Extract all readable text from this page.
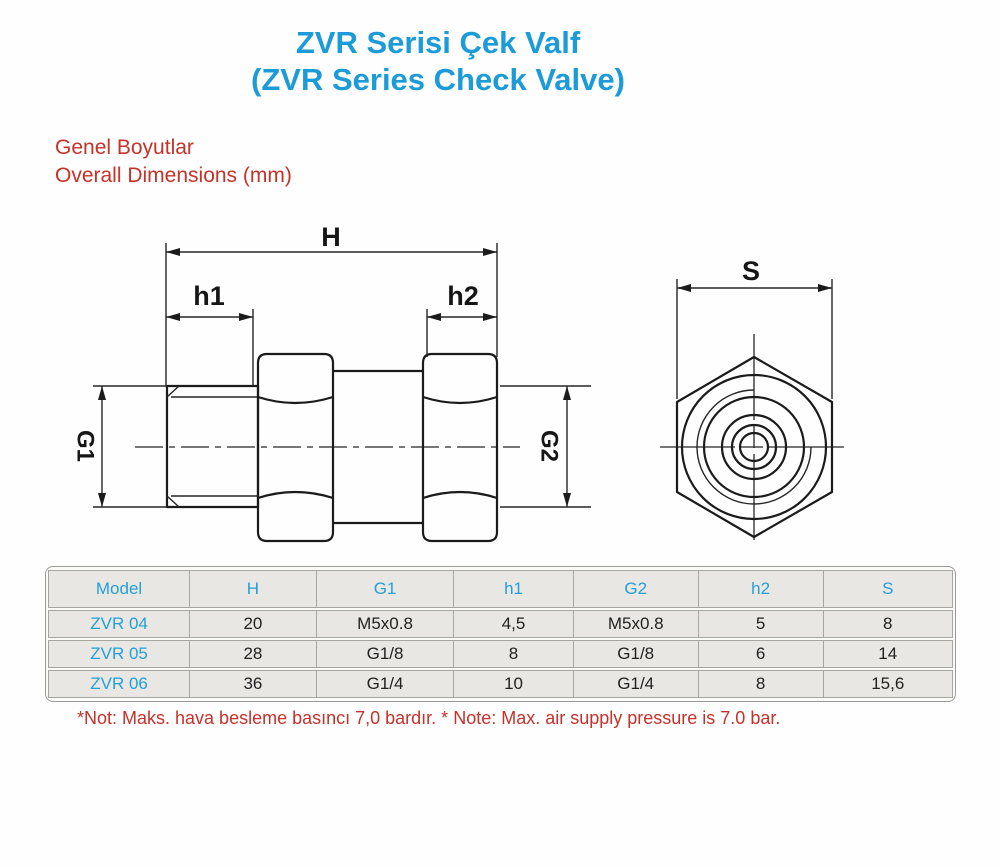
ZVR Serisi Çek Valf
(ZVR Series Check Valve)
Genel Boyutlar
Overall Dimensions (mm)
H
h1	h2
G1	G2
S
Model	H	G1	h1	G2	h2	S
ZVR 04	20	M5x0.8	4,5	M5x0.8	5	8
ZVR 05	28	G1/8	8	G1/8	6	14
ZVR 06	36	G1/4	10	G1/4	8	15,6
*Not: Maks. hava besleme basıncı 7,0 bardır. * Note: Max. air supply pressure is 7.0 bar.
